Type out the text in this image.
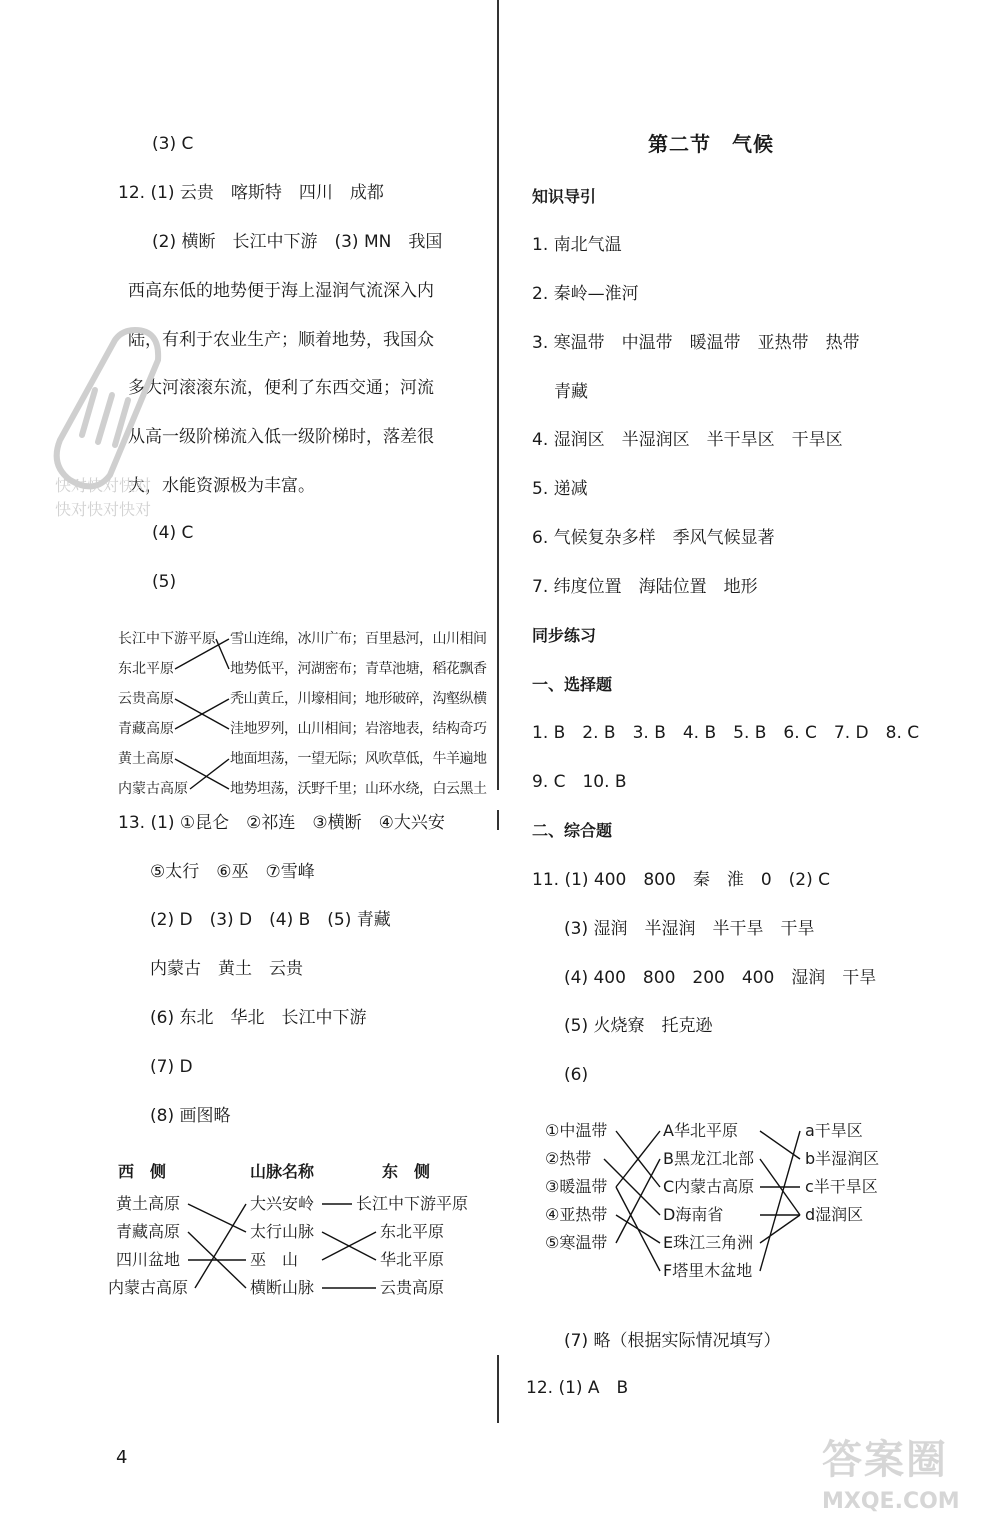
(3) C
12. (1) 云贵　喀斯特　四川　成都
(2) 横断　长江中下游　(3) MN　我国
西高东低的地势便于海上湿润气流深入内
陆，有利于农业生产；顺着地势，我国众
多大河滚滚东流，便利了东西交通；河流
从高一级阶梯流入低一级阶梯时，落差很
大，水能资源极为丰富。
(4) C
(5)
快对快对快对
快对快对快对
长江中下游平原
东北平原
云贵高原
青藏高原
黄土高原
内蒙古高原
雪山连绵，冰川广布；百里悬河，山川相间
地势低平，河湖密布；青草池塘，稻花飘香
秃山黄丘，川壕相间；地形破碎，沟壑纵横
洼地罗列，山川相间；岩溶地表，结构奇巧
地面坦荡，一望无际；风吹草低，牛羊遍地
地势坦荡，沃野千里；山环水绕，白云黑土
13. (1) ①昆仑　②祁连　③横断　④大兴安
⑤太行　⑥巫　⑦雪峰
(2) D　(3) D　(4) B　(5) 青藏
内蒙古　黄土　云贵
(6) 东北　华北　长江中下游
(7) D
(8) 画图略
西　侧	山脉名称	东　侧
黄土高原
青藏高原
四川盆地
内蒙古高原
大兴安岭
太行山脉
巫　山
横断山脉
长江中下游平原
东北平原
华北平原
云贵高原
4
第二节　气候
知识导引
1. 南北气温
2. 秦岭—淮河
3. 寒温带　中温带　暖温带　亚热带　热带
青藏
4. 湿润区　半湿润区　半干旱区　干旱区
5. 递减
6. 气候复杂多样　季风气候显著
7. 纬度位置　海陆位置　地形
同步练习
一、选择题
1. B　2. B　3. B　4. B　5. B　6. C　7. D　8. C
9. C　10. B
二、综合题
11. (1) 400　800　秦　淮　0　(2) C
(3) 湿润　半湿润　半干旱　干旱
(4) 400　800　200　400　湿润　干旱
(5) 火烧寮　托克逊
(6)
①中温带
②热带
③暖温带
④亚热带
⑤寒温带
A华北平原
B黑龙江北部
C内蒙古高原
D海南省
E珠江三角洲
F塔里木盆地
a干旱区
b半湿润区
c半干旱区
d湿润区
(7) 略（根据实际情况填写）
12. (1) A　B
答案圈
MXQE.COM
